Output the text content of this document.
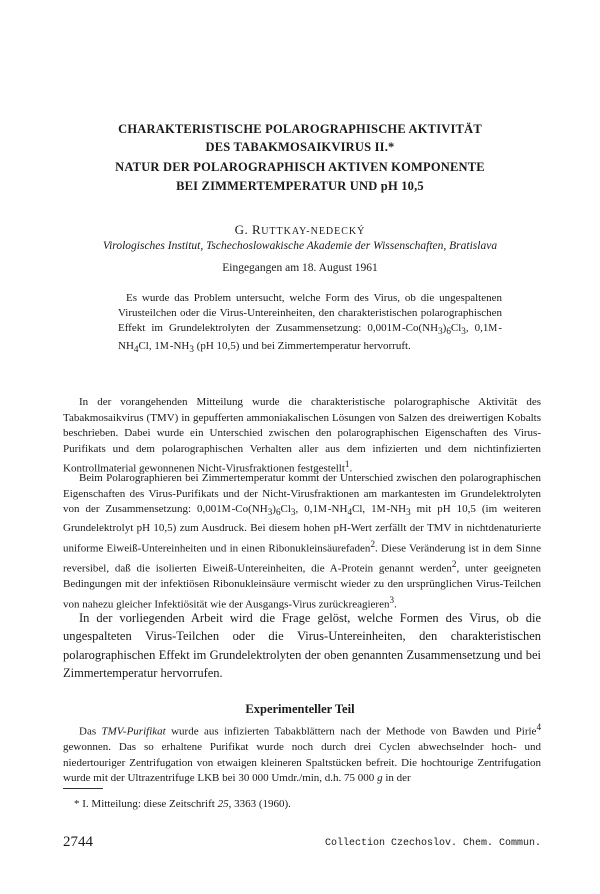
CHARAKTERISTISCHE POLAROGRAPHISCHE AKTIVITÄT
DES TABAKMOSAIKVIRUS II.*
NATUR DER POLAROGRAPHISCH AKTIVEN KOMPONENTE
BEI ZIMMERTEMPERATUR UND pH 10,5
G. RUTTKAY-NEDECKÝ
Virologisches Institut, Tschechoslowakische Akademie der Wissenschaften, Bratislava
Eingegangen am 18. August 1961

Es wurde das Problem untersucht, welche Form des Virus, ob die ungespaltenen Virusteilchen oder die Virus-Untereinheiten, den charakteristischen polarographischen Effekt im Grundelektrolyten der Zusammensetzung: $0,001M-Co(NH_3)_6Cl_3$, $0,1M-NH_4Cl$, $1M-NH_3$ (pH 10,5) und bei Zimmertemperatur hervorruft.

In der vorangehenden Mitteilung wurde die charakteristische polarographische Aktivität des Tabakmosaikvirus (TMV) in gepufferten ammoniakalischen Lösungen von Salzen des dreiwertigen Kobalts beschrieben. Dabei wurde ein Unterschied zwischen den polarographischen Eigenschaften des Virus-Purifikats und dem polarographischen Verhalten aller aus dem infizierten und dem nichtinfizierten Kontrollmaterial gewonnenen Nicht-Virusfraktionen festgestellt$^1$.

Beim Polarographieren bei Zimmertemperatur kommt der Unterschied zwischen den polarographischen Eigenschaften des Virus-Purifikats und der Nicht-Virusfraktionen am markantesten im Grundelektrolyten von der Zusammensetzung: $0,001M-Co(NH_3)_6Cl_3$, $0,1M-NH_4Cl$, $1M-NH_3$ mit pH 10,5 (im weiteren Grundelektrolyt pH 10,5) zum Ausdruck. Bei diesem hohen pH-Wert zerfällt der TMV in nichtdenaturierte uniforme Eiweiß-Untereinheiten und in einen Ribonukleinsäurefaden$^2$. Diese Veränderung ist in dem Sinne reversibel, daß die isolierten Eiweiß-Untereinheiten, die A-Protein genannt werden$^2$, unter geeigneten Bedingungen mit der infektiösen Ribonukleinsäure vermischt wieder zu den ursprünglichen Virus-Teilchen von nahezu gleicher Infektiösität wie der Ausgangs-Virus zurückreagieren$^3$.

In der vorliegenden Arbeit wird die Frage gelöst, welche Formen des Virus, ob die ungespalteten Virus-Teilchen oder die Virus-Untereinheiten, den charakteristischen polarographischen Effekt im Grundelektrolyten der oben genannten Zusammensetzung und bei Zimmertemperatur hervorrufen.

Experimenteller Teil

Das TMV-Purifikat wurde aus infizierten Tabakblättern nach der Methode von Bawden und Pirie$^4$ gewonnen. Das so erhaltene Purifikat wurde noch durch drei Cyclen abwechselnder hoch- und niedertouriger Zentrifugation von etwaigen kleineren Spaltstücken befreit. Die hochtourige Zentrifugation wurde mit der Ultrazentrifuge LKB bei 30 000 Umdr./min, d.h. 75 000 g in der

* I. Mitteilung: diese Zeitschrift 25, 3363 (1960).
2744	Collection Czechoslov. Chem. Commun.
